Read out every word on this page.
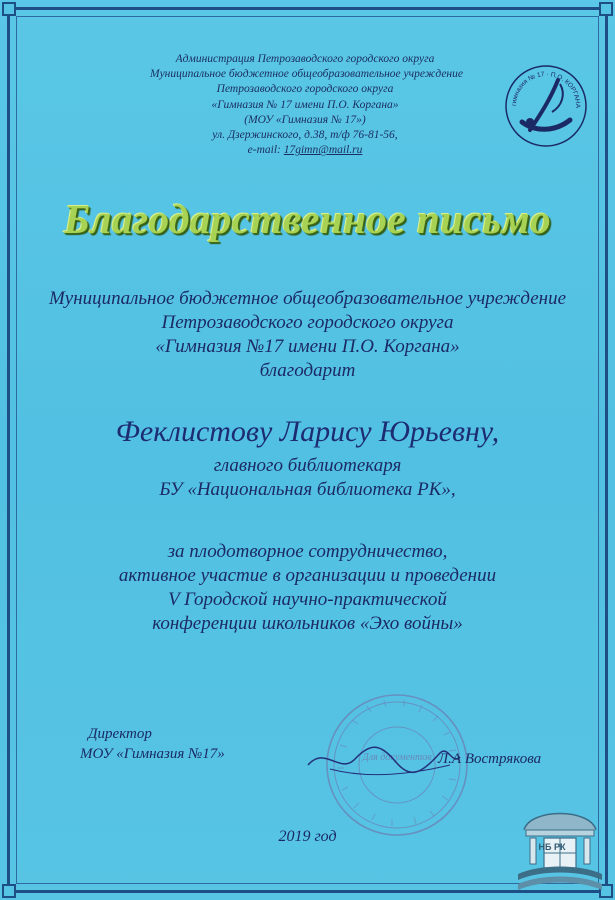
Администрация Петрозаводского городского округа
Муниципальное бюджетное общеобразовательное учреждение
Петрозаводского городского округа
«Гимназия № 17 имени П.О. Коргана»
(МОУ «Гимназия № 17»)
ул. Дзержинского, д.38, т/ф 76-81-56,
e-mail: 17gimn@mail.ru
гимназия № 17 · П.О. КОРГАНА
Благодарственное письмо
Муниципальное бюджетное общеобразовательное учреждение
Петрозаводского городского округа
«Гимназия №17 имени П.О. Коргана»
благодарит
Феклистову Ларису Юрьевну,
главного библиотекаря
БУ «Национальная библиотека РК»,
за плодотворное сотрудничество,
активное участие в организации и проведении
V Городской научно-практической
конференции школьников «Эхо войны»
Директор
МОУ «Гимназия №17»	Для документов Л.А Вострякова
2019 год
НБ РК
